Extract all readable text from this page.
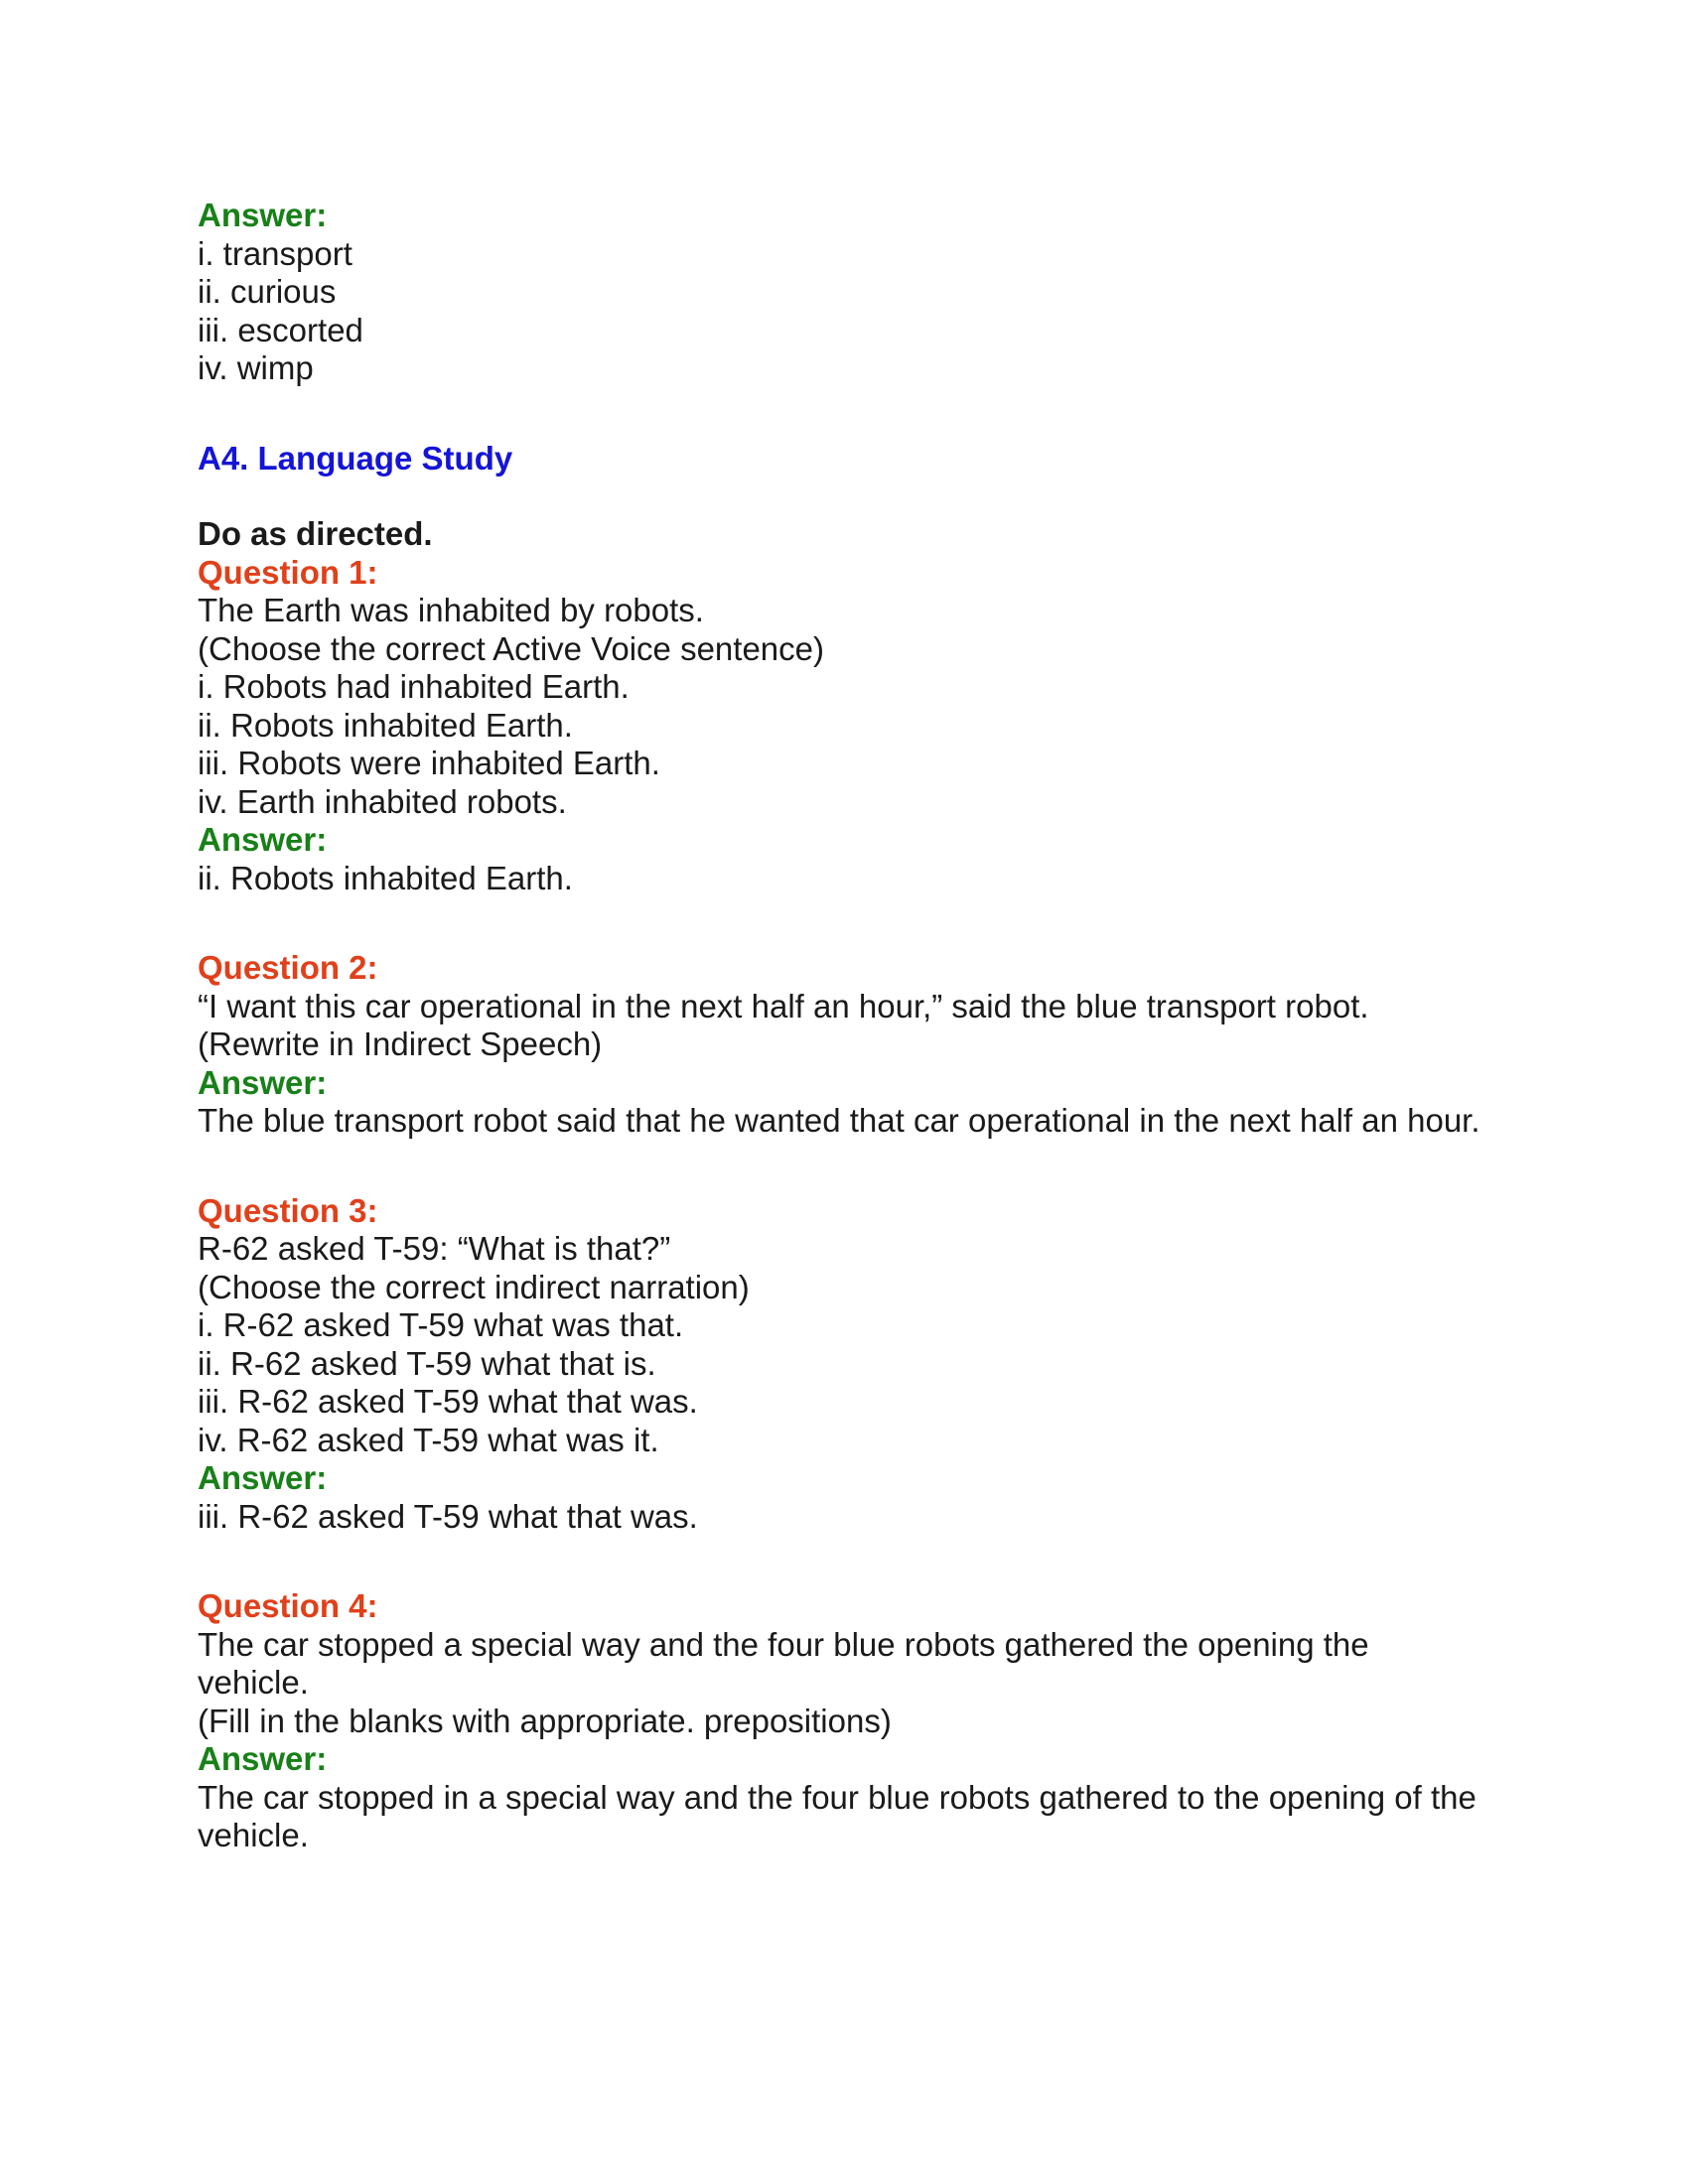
Answer:

i. transport

ii. curious

iii. escorted

iv. wimp

A4. Language Study

Do as directed.

Question 1:

The Earth was inhabited by robots.

(Choose the correct Active Voice sentence)

i. Robots had inhabited Earth.

ii. Robots inhabited Earth.

iii. Robots were inhabited Earth.

iv. Earth inhabited robots.

Answer:

ii. Robots inhabited Earth.

Question 2:

“I want this car operational in the next half an hour,” said the blue transport robot.

(Rewrite in Indirect Speech)

Answer:

The blue transport robot said that he wanted that car operational in the next half an hour.

Question 3:

R-62 asked T-59: “What is that?”

(Choose the correct indirect narration)

i. R-62 asked T-59 what was that.

ii. R-62 asked T-59 what that is.

iii. R-62 asked T-59 what that was.

iv. R-62 asked T-59 what was it.

Answer:

iii. R-62 asked T-59 what that was.

Question 4:

The car stopped a special way and the four blue robots gathered the opening the vehicle.

(Fill in the blanks with appropriate. prepositions)

Answer:

The car stopped in a special way and the four blue robots gathered to the opening of the vehicle.
